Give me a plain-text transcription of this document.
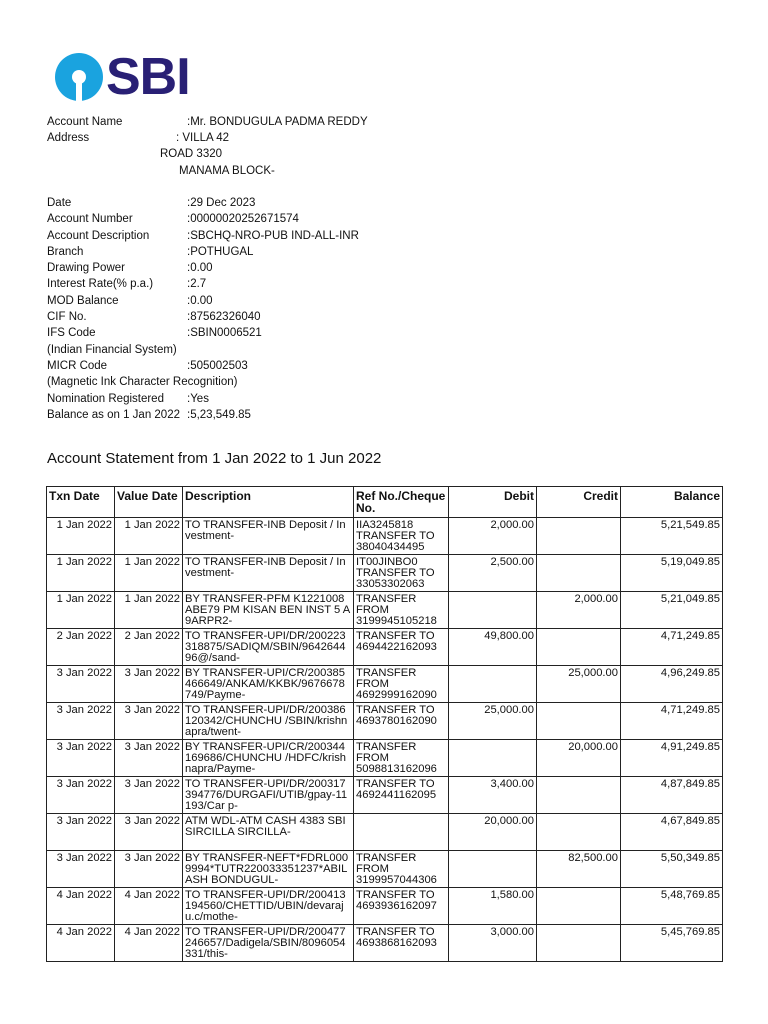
SBI
Account Name	:Mr. BONDUGULA PADMA REDDY
Address	: VILLA 42
ROAD 3320
MANAMA BLOCK-
Date	:29 Dec 2023
Account Number	:00000020252671574
Account Description	:SBCHQ-NRO-PUB IND-ALL-INR
Branch	:POTHUGAL
Drawing Power	:0.00
Interest Rate(% p.a.)	:2.7
MOD Balance	:0.00
CIF No.	:87562326040
IFS Code	:SBIN0006521
(Indian Financial System)
MICR Code	:505002503
(Magnetic Ink Character Recognition)
Nomination Registered :Yes
Balance as on 1 Jan 2022 :5,23,549.85
Account Statement from 1 Jan 2022 to 1 Jun 2022
Txn Date	Value Date	Description	Ref No./Cheque No.	Debit	Credit	Balance
1 Jan 2022	1 Jan 2022	TO TRANSFER-INB Deposit / Investment-	IIA3245818 TRANSFER TO 38040434495	2,000.00		5,21,549.85
1 Jan 2022	1 Jan 2022	TO TRANSFER-INB Deposit / Investment-	IT00JINBO0 TRANSFER TO 33053302063	2,500.00		5,19,049.85
1 Jan 2022	1 Jan 2022	BY TRANSFER-PFM K1221008ABE79 PM KISAN BEN INST 5 A9ARPR2-	TRANSFER FROM 3199945105218		2,000.00	5,21,049.85
2 Jan 2022	2 Jan 2022	TO TRANSFER-UPI/DR/200223318875/SADIQM/SBIN/964264496@/sand-	TRANSFER TO 4694422162093	49,800.00		4,71,249.85
3 Jan 2022	3 Jan 2022	BY TRANSFER-UPI/CR/200385466649/ANKAM/KKBK/9676678749/Payme-	TRANSFER FROM 4692999162090		25,000.00	4,96,249.85
3 Jan 2022	3 Jan 2022	TO TRANSFER-UPI/DR/200386120342/CHUNCHU /SBIN/krishnapra/twent-	TRANSFER TO 4693780162090	25,000.00		4,71,249.85
3 Jan 2022	3 Jan 2022	BY TRANSFER-UPI/CR/200344169686/CHUNCHU /HDFC/krishnapra/Payme-	TRANSFER FROM 5098813162096		20,000.00	4,91,249.85
3 Jan 2022	3 Jan 2022	TO TRANSFER-UPI/DR/200317394776/DURGAFI/UTIB/gpay-11193/Car p-	TRANSFER TO 4692441162095	3,400.00		4,87,849.85
3 Jan 2022	3 Jan 2022	ATM WDL-ATM CASH 4383 SBI SIRCILLA SIRCILLA-		20,000.00		4,67,849.85
3 Jan 2022	3 Jan 2022	BY TRANSFER-NEFT*FDRL0009994*TUTR220033351237*ABILASH BONDUGUL-	TRANSFER FROM 3199957044306		82,500.00	5,50,349.85
4 Jan 2022	4 Jan 2022	TO TRANSFER-UPI/DR/200413194560/CHETTID/UBIN/devaraju.c/mothe-	TRANSFER TO 4693936162097	1,580.00		5,48,769.85
4 Jan 2022	4 Jan 2022	TO TRANSFER-UPI/DR/200477246657/Dadigela/SBIN/8096054331/this-	TRANSFER TO 4693868162093	3,000.00		5,45,769.85
